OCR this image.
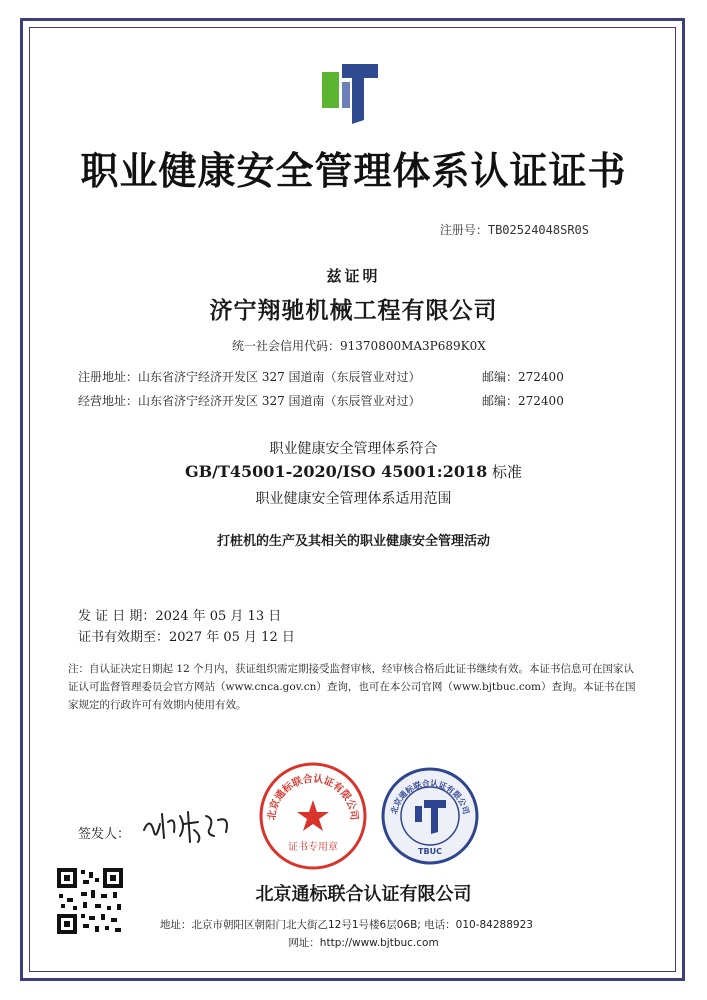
职业健康安全管理体系认证证书
注册号：TB02524048SR0S
兹证明
济宁翔驰机械工程有限公司
统一社会信用代码：91370800MA3P689K0X
注册地址：山东省济宁经济开发区 327 国道南（东辰管业对过）	邮编：272400
经营地址：山东省济宁经济开发区 327 国道南（东辰管业对过）	邮编：272400
职业健康安全管理体系符合
GB/T45001-2020/ISO 45001:2018 标准
职业健康安全管理体系适用范围
打桩机的生产及其相关的职业健康安全管理活动
发 证 日 期：2024 年 05 月 13 日
证书有效期至：2027 年 05 月 12 日
注：自认证决定日期起 12 个月内，获证组织需定期接受监督审核，经审核合格后此证书继续有效。本证书信息可在国家认证认可监督管理委员会官方网站（www.cnca.gov.cn）查询，也可在本公司官网（www.bjtbuc.com）查询。本证书在国家规定的行政许可有效期内使用有效。
签发人：
北京通标联合认证有限公司
证书专用章
北京通标联合认证有限公司
TBUC
北京通标联合认证有限公司
地址：北京市朝阳区朝阳门北大街乙12号1号楼6层06B; 电话：010-84288923
网址：http://www.bjtbuc.com
